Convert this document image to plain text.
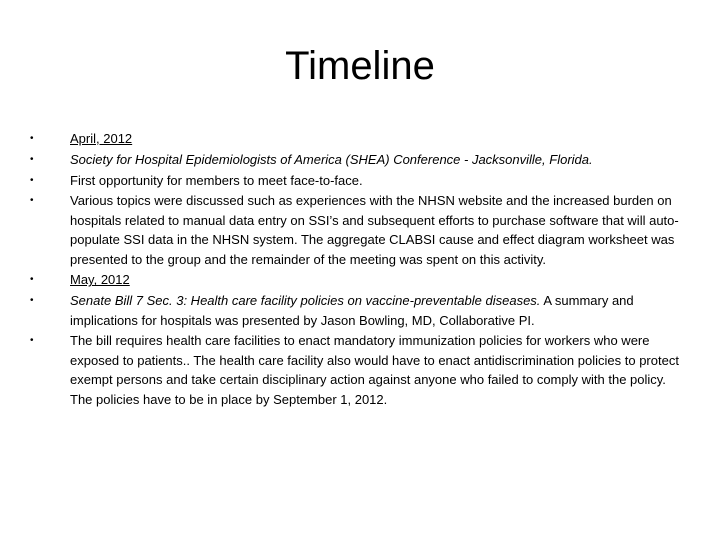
Timeline
•	April, 2012
•	Society for Hospital Epidemiologists of America (SHEA) Conference - Jacksonville, Florida.
•	First opportunity for members to meet face-to-face.
•	Various topics were discussed such as experiences with the NHSN website and the increased burden on hospitals related to manual data entry on SSI’s and subsequent efforts to purchase software that will auto-populate SSI data in the NHSN system. The aggregate CLABSI cause and effect diagram worksheet was presented to the group and the remainder of the meeting was spent on this activity.
•	May, 2012
•	Senate Bill 7 Sec. 3: Health care facility policies on vaccine-preventable diseases. A summary and implications for hospitals was presented by Jason Bowling, MD, Collaborative PI.
•	The bill requires health care facilities to enact mandatory immunization policies for workers who were exposed to patients.. The health care facility also would have to enact antidiscrimination policies to protect exempt persons and take certain disciplinary action against anyone who failed to comply with the policy. The policies have to be in place by September 1, 2012.
